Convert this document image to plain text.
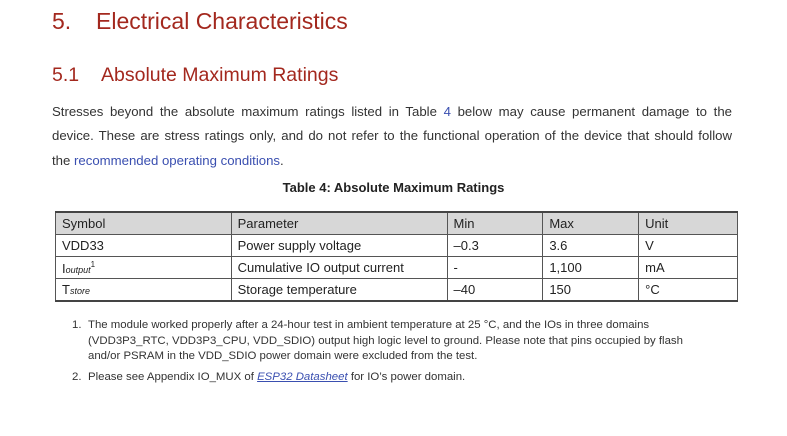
5. Electrical Characteristics
5.1 Absolute Maximum Ratings

Stresses beyond the absolute maximum ratings listed in Table 4 below may cause permanent damage to the
device. These are stress ratings only, and do not refer to the functional operation of the device that should follow
the recommended operating conditions.

Table 4: Absolute Maximum Ratings
Symbol	Parameter	Min	Max	Unit
VDD33	Power supply voltage	–0.3	3.6	V
Ioutput$^1$	Cumulative IO output current	-	1,100	mA
Tstore	Storage temperature	–40	150	°C
1. The module worked properly after a 24-hour test in ambient temperature at 25 °C, and the IOs in three domains
(VDD3P3_RTC, VDD3P3_CPU, VDD_SDIO) output high logic level to ground. Please note that pins occupied by flash
and/or PSRAM in the VDD_SDIO power domain were excluded from the test.
2. Please see Appendix IO_MUX of ESP32 Datasheet for IO’s power domain.
